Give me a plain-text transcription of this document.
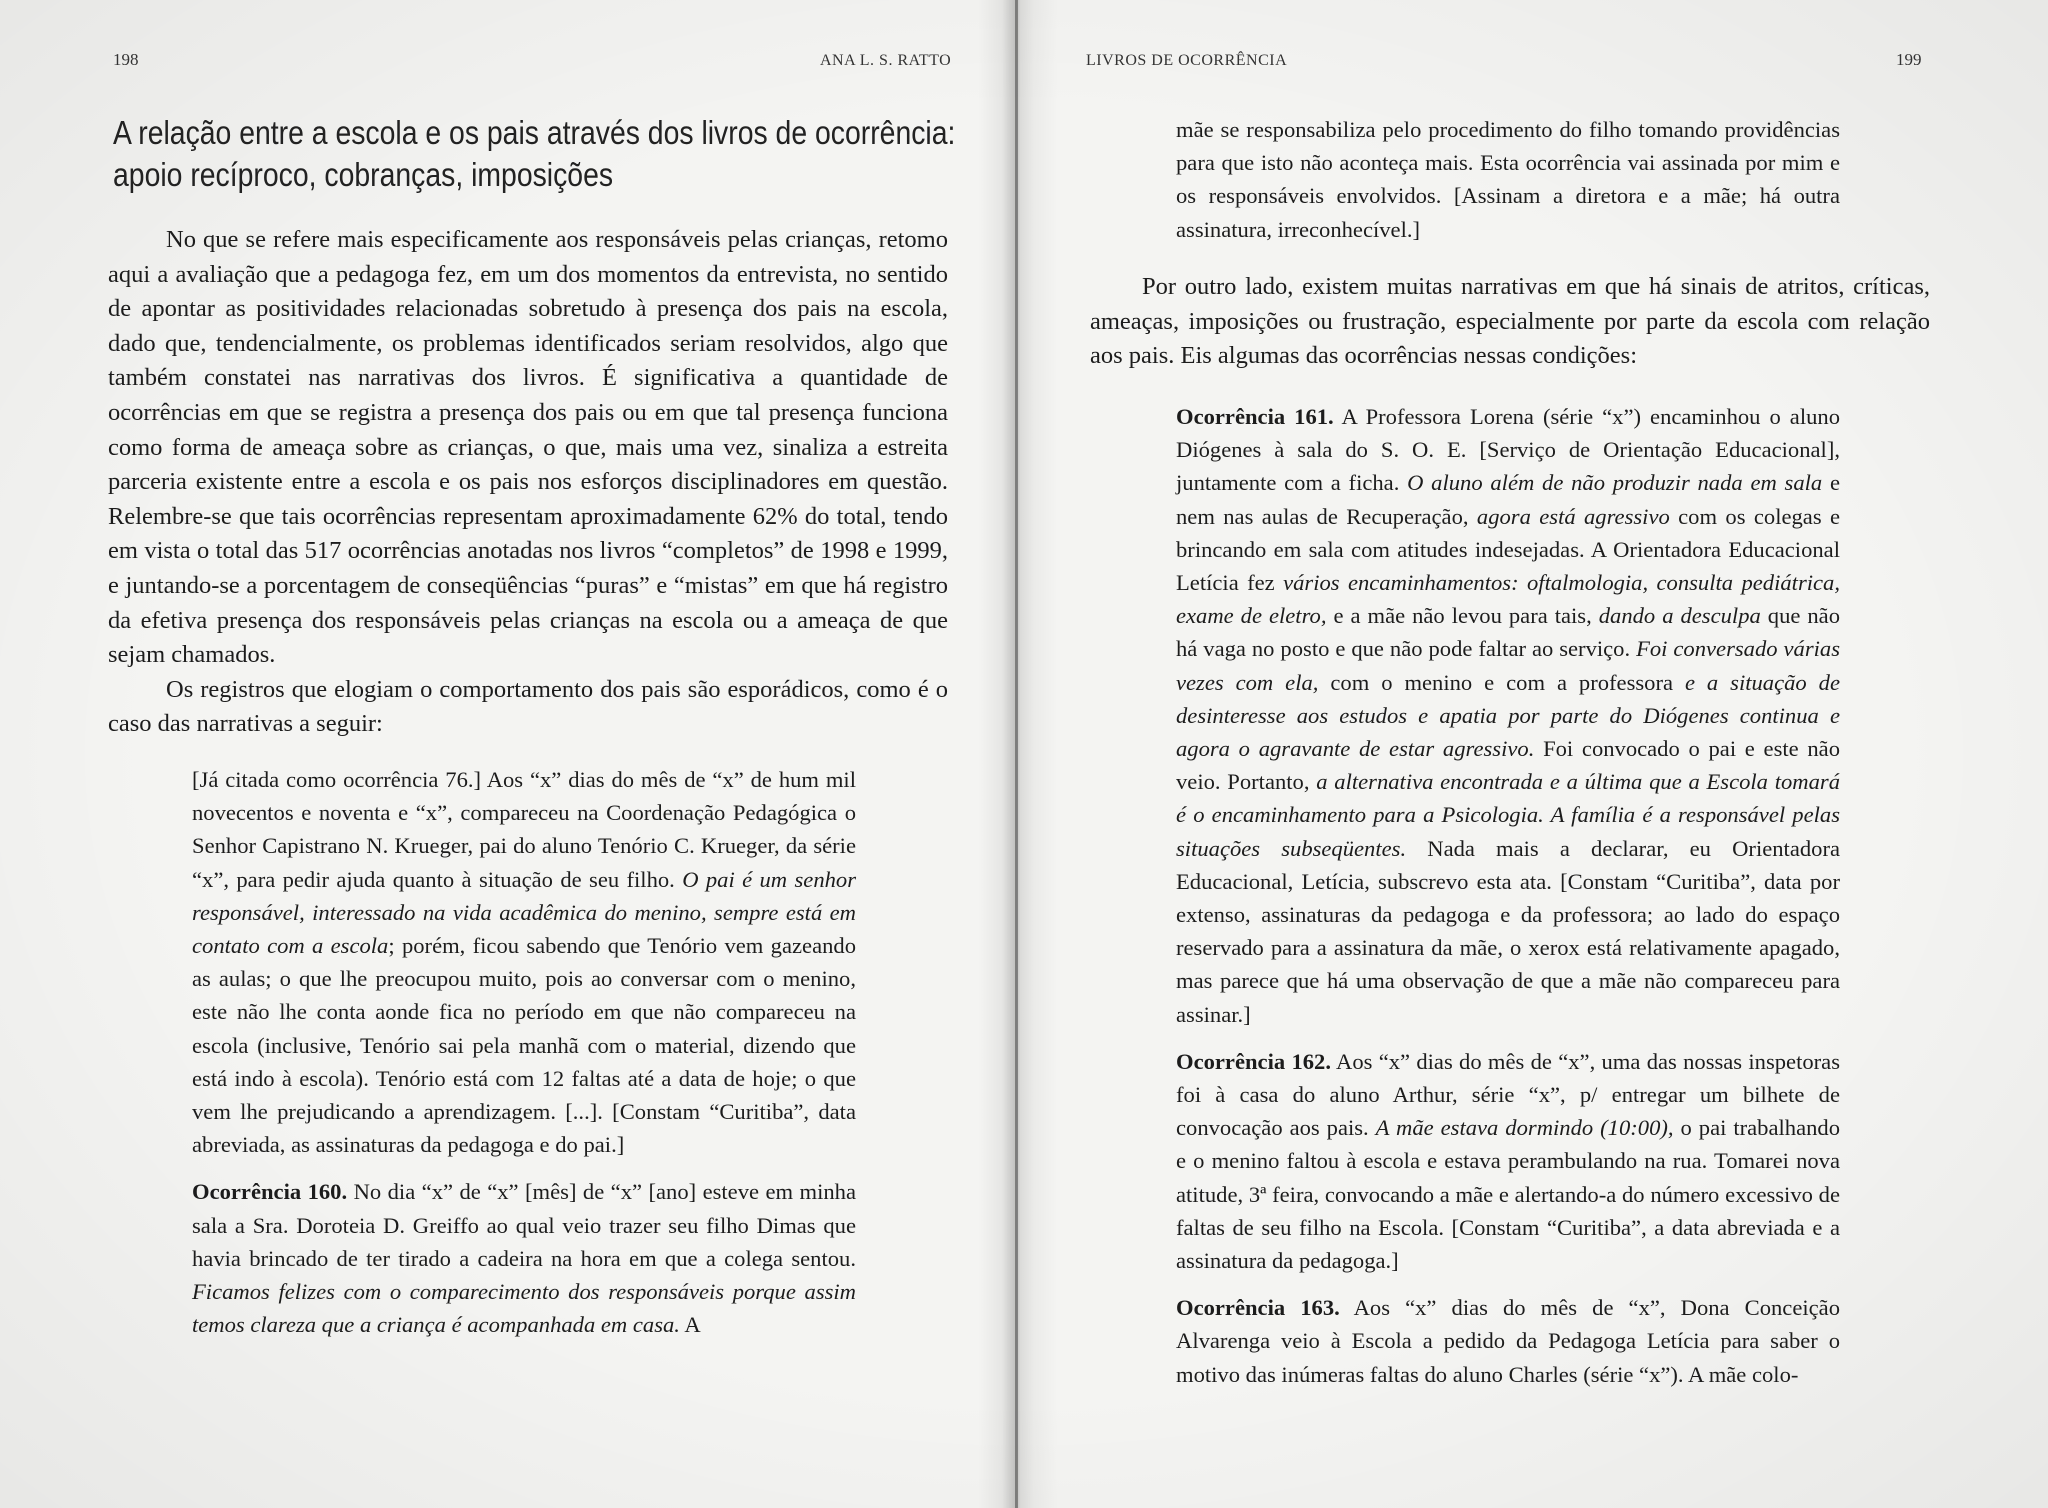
198	ANA L. S. RATTO
A relação entre a escola e os pais através dos livros de ocorrência: apoio recíproco, cobranças, imposições

No que se refere mais especificamente aos responsáveis pelas crianças, retomo aqui a avaliação que a pedagoga fez, em um dos momentos da entrevista, no sentido de apontar as positividades relacionadas sobretudo à presença dos pais na escola, dado que, tendencialmente, os problemas identificados seriam resolvidos, algo que também constatei nas narrativas dos livros. É significativa a quantidade de ocorrências em que se registra a presença dos pais ou em que tal presença funciona como forma de ameaça sobre as crianças, o que, mais uma vez, sinaliza a estreita parceria existente entre a escola e os pais nos esforços disciplinadores em questão. Relembre-se que tais ocorrências representam aproximadamente 62% do total, tendo em vista o total das 517 ocorrências anotadas nos livros “completos” de 1998 e 1999, e juntando-se a porcentagem de conseqüências “puras” e “mistas” em que há registro da efetiva presença dos responsáveis pelas crianças na escola ou a ameaça de que sejam chamados.

Os registros que elogiam o comportamento dos pais são esporádicos, como é o caso das narrativas a seguir:

[Já citada como ocorrência 76.] Aos “x” dias do mês de “x” de hum mil novecentos e noventa e “x”, compareceu na Coordenação Pedagógica o Senhor Capistrano N. Krueger, pai do aluno Tenório C. Krueger, da série “x”, para pedir ajuda quanto à situação de seu filho. O pai é um senhor responsável, interessado na vida acadêmica do menino, sempre está em contato com a escola; porém, ficou sabendo que Tenório vem gazeando as aulas; o que lhe preocupou muito, pois ao conversar com o menino, este não lhe conta aonde fica no período em que não compareceu na escola (inclusive, Tenório sai pela manhã com o material, dizendo que está indo à escola). Tenório está com 12 faltas até a data de hoje; o que vem lhe prejudicando a aprendizagem. [...]. [Constam “Curitiba”, data abreviada, as assinaturas da pedagoga e do pai.]

Ocorrência 160. No dia “x” de “x” [mês] de “x” [ano] esteve em minha sala a Sra. Doroteia D. Greiffo ao qual veio trazer seu filho Dimas que havia brincado de ter tirado a cadeira na hora em que a colega sentou. Ficamos felizes com o comparecimento dos responsáveis porque assim temos clareza que a criança é acompanhada em casa. A

LIVROS DE OCORRÊNCIA	199

mãe se responsabiliza pelo procedimento do filho tomando providências para que isto não aconteça mais. Esta ocorrência vai assinada por mim e os responsáveis envolvidos. [Assinam a diretora e a mãe; há outra assinatura, irreconhecível.]

Por outro lado, existem muitas narrativas em que há sinais de atritos, críticas, ameaças, imposições ou frustração, especialmente por parte da escola com relação aos pais. Eis algumas das ocorrências nessas condições:

Ocorrência 161. A Professora Lorena (série “x”) encaminhou o aluno Diógenes à sala do S. O. E. [Serviço de Orientação Educacional], juntamente com a ficha. O aluno além de não produzir nada em sala e nem nas aulas de Recuperação, agora está agressivo com os colegas e brincando em sala com atitudes indesejadas. A Orientadora Educacional Letícia fez vários encaminhamentos: oftalmologia, consulta pediátrica, exame de eletro, e a mãe não levou para tais, dando a desculpa que não há vaga no posto e que não pode faltar ao serviço. Foi conversado várias vezes com ela, com o menino e com a professora e a situação de desinteresse aos estudos e apatia por parte do Diógenes continua e agora o agravante de estar agressivo. Foi convocado o pai e este não veio. Portanto, a alternativa encontrada e a última que a Escola tomará é o encaminhamento para a Psicologia. A família é a responsável pelas situações subseqüentes. Nada mais a declarar, eu Orientadora Educacional, Letícia, subscrevo esta ata. [Constam “Curitiba”, data por extenso, assinaturas da pedagoga e da professora; ao lado do espaço reservado para a assinatura da mãe, o xerox está relativamente apagado, mas parece que há uma observação de que a mãe não compareceu para assinar.]

Ocorrência 162. Aos “x” dias do mês de “x”, uma das nossas inspetoras foi à casa do aluno Arthur, série “x”, p/ entregar um bilhete de convocação aos pais. A mãe estava dormindo (10:00), o pai trabalhando e o menino faltou à escola e estava perambulando na rua. Tomarei nova atitude, 3ª feira, convocando a mãe e alertando-a do número excessivo de faltas de seu filho na Escola. [Constam “Curitiba”, a data abreviada e a assinatura da pedagoga.]

Ocorrência 163. Aos “x” dias do mês de “x”, Dona Conceição Alvarenga veio à Escola a pedido da Pedagoga Letícia para saber o motivo das inúmeras faltas do aluno Charles (série “x”). A mãe colo-
